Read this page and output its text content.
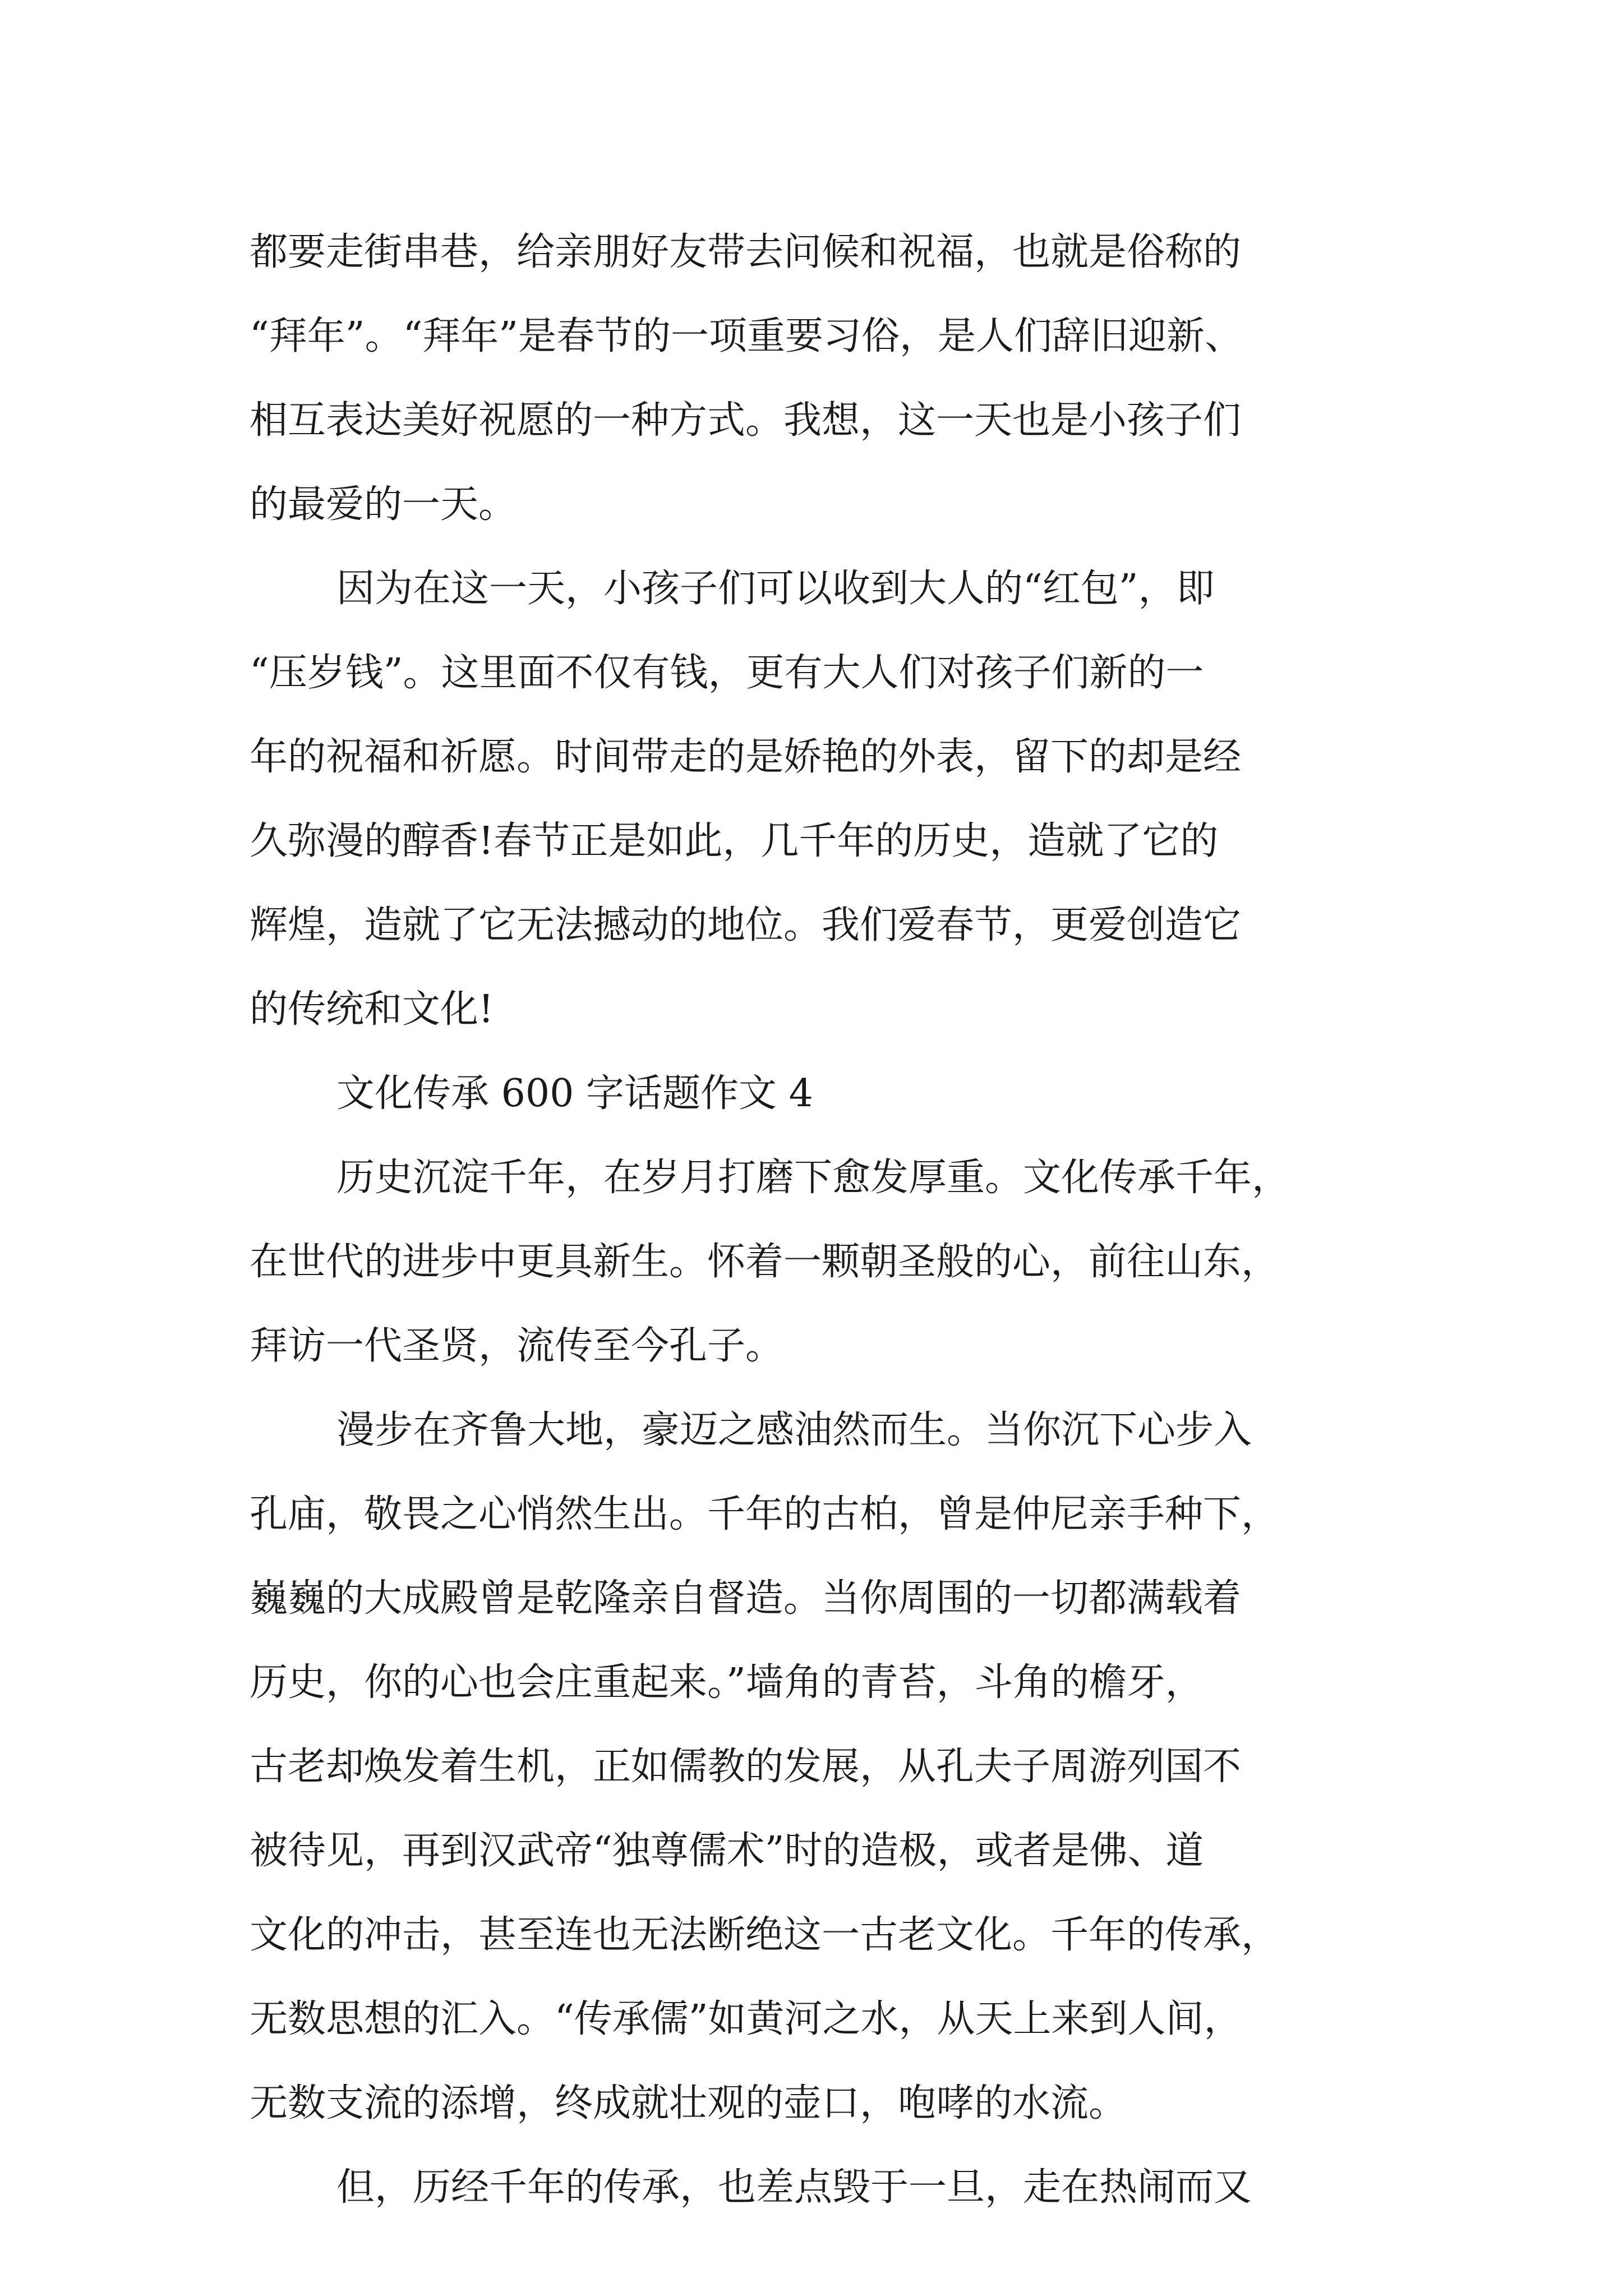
都要走街串巷，给亲朋好友带去问候和祝福，也就是俗称的
“拜年”。“拜年”是春节的一项重要习俗，是人们辞旧迎新、
相互表达美好祝愿的一种方式。我想，这一天也是小孩子们
的最爱的一天。
因为在这一天，小孩子们可以收到大人的“红包”，即
“压岁钱”。这里面不仅有钱，更有大人们对孩子们新的一
年的祝福和祈愿。时间带走的是娇艳的外表，留下的却是经
久弥漫的醇香!春节正是如此，几千年的历史，造就了它的
辉煌，造就了它无法撼动的地位。我们爱春节，更爱创造它
的传统和文化!
文化传承 600 字话题作文 4
历史沉淀千年，在岁月打磨下愈发厚重。文化传承千年，
在世代的进步中更具新生。怀着一颗朝圣般的心，前往山东，
拜访一代圣贤，流传至今孔子。
漫步在齐鲁大地，豪迈之感油然而生。当你沉下心步入
孔庙，敬畏之心悄然生出。千年的古柏，曾是仲尼亲手种下，
巍巍的大成殿曾是乾隆亲自督造。当你周围的一切都满载着
历史，你的心也会庄重起来。”墙角的青苔，斗角的檐牙，
古老却焕发着生机，正如儒教的发展，从孔夫子周游列国不
被待见，再到汉武帝“独尊儒术”时的造极，或者是佛、道
文化的冲击，甚至连也无法断绝这一古老文化。千年的传承，
无数思想的汇入。“传承儒”如黄河之水，从天上来到人间，
无数支流的添增，终成就壮观的壶口，咆哮的水流。
但，历经千年的传承，也差点毁于一旦，走在热闹而又
